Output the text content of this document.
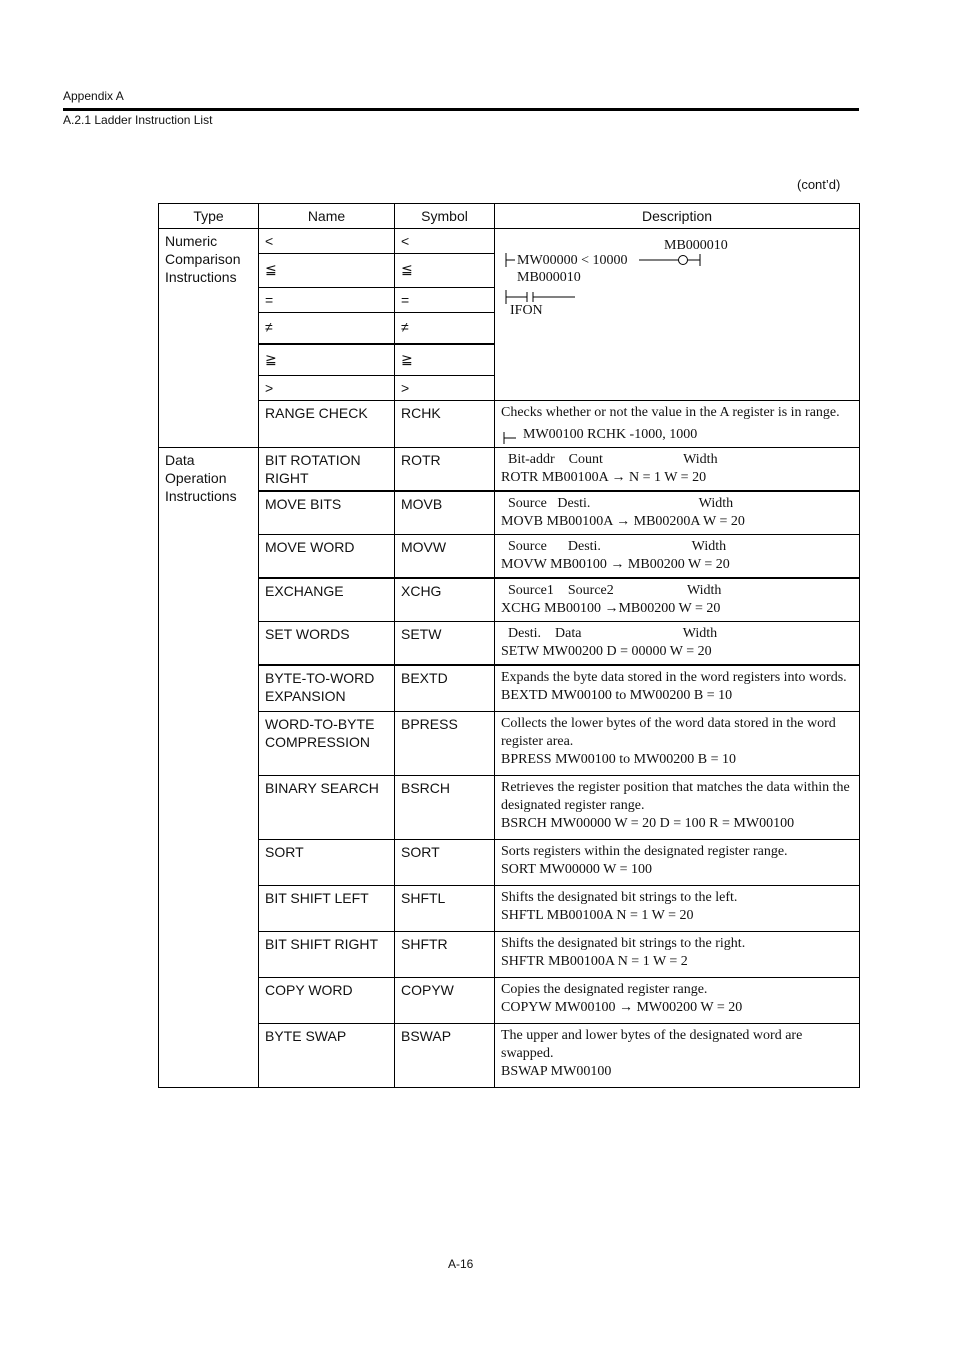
Appendix A
A.2.1 Ladder Instruction List
(cont’d)
Type	Name	Symbol	Description
Numeric Comparison Instructions	<	<	MB000010
MW00000 < 10000
MB000010
IFON

	≦	≦	
	=	=	
	≠	≠	
	≧	≧	
	>	>	
	RANGE CHECK	RCHK	Checks whether or not the value in the A register is in range.
MW00100 RCHK -1000, 1000

Data Operation Instructions	BIT ROTATION RIGHT	ROTR	Bit-addr    Count                       Width
ROTR MB00100A → N = 1 W = 20

	MOVE BITS	MOVB	Source   Desti.                               Width
MOVB MB00100A → MB00200A W = 20

	MOVE WORD	MOVW	Source      Desti.                          Width
MOVW MB00100 → MB00200 W = 20

	EXCHANGE	XCHG	Source1    Source2                     Width
XCHG MB00100 →MB00200 W = 20

	SET WORDS	SETW	Desti.    Data                             Width
SETW MW00200 D = 00000 W = 20

	BYTE-TO-WORD EXPANSION	BEXTD	Expands the byte data stored in the word registers into words.
BEXTD MW00100 to MW00200 B = 10

	WORD-TO-BYTE COMPRESSION	BPRESS	Collects the lower bytes of the word data stored in the word register area.
BPRESS MW00100 to MW00200 B = 10

	BINARY SEARCH	BSRCH	Retrieves the register position that matches the data within the designated register range.
BSRCH MW00000 W = 20 D = 100 R = MW00100

	SORT	SORT	Sorts registers within the designated register range.
SORT MW00000 W = 100

	BIT SHIFT LEFT	SHFTL	Shifts the designated bit strings to the left.
SHFTL MB00100A N = 1 W = 20

	BIT SHIFT RIGHT	SHFTR	Shifts the designated bit strings to the right.
SHFTR MB00100A N = 1 W = 2

	COPY WORD	COPYW	Copies the designated register range.
COPYW MW00100 → MW00200 W = 20

	BYTE SWAP	BSWAP	The upper and lower bytes of the designated word are swapped.
BSWAP MW00100
A-16
